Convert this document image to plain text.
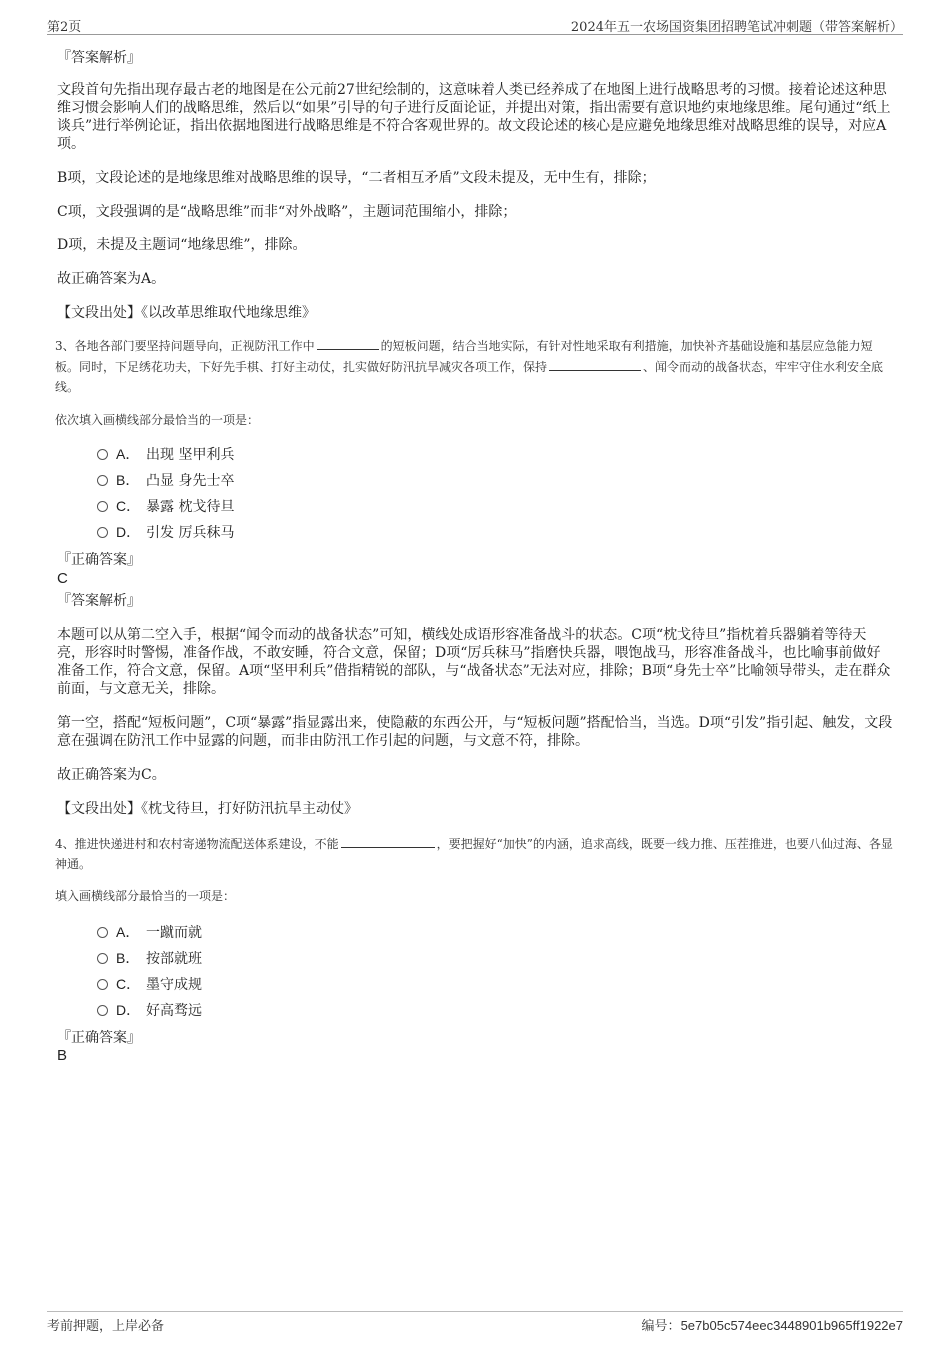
第2页	2024年五一农场国资集团招聘笔试冲刺题（带答案解析）
『答案解析』

文段首句先指出现存最古老的地图是在公元前27世纪绘制的，这意味着人类已经养成了在地图上进行战略思考的习惯。接着论述这种思维习惯会影响人们的战略思维，然后以“如果”引导的句子进行反面论证，并提出对策，指出需要有意识地约束地缘思维。尾句通过“纸上谈兵”进行举例论证，指出依据地图进行战略思维是不符合客观世界的。故文段论述的核心是应避免地缘思维对战略思维的误导，对应A项。

B项，文段论述的是地缘思维对战略思维的误导，“二者相互矛盾”文段未提及，无中生有，排除；

C项，文段强调的是“战略思维”而非“对外战略”，主题词范围缩小，排除；

D项，未提及主题词“地缘思维”，排除。

故正确答案为A。

【文段出处】《以改革思维取代地缘思维》

3、各地各部门要坚持问题导向，正视防汛工作中	的短板问题，结合当地实际，有针对性地采取有利措施，加快补齐基础设施和基层应急能力短板。同时，下足绣花功夫，下好先手棋、打好主动仗，扎实做好防汛抗旱减灾各项工作，保持	、闻令而动的战备状态，牢牢守住水利安全底线。

依次填入画横线部分最恰当的一项是：

A． 出现 坚甲利兵
B． 凸显 身先士卒
C． 暴露 枕戈待旦
D． 引发 厉兵秣马
『正确答案』
C
『答案解析』

本题可以从第二空入手，根据“闻令而动的战备状态”可知，横线处成语形容准备战斗的状态。C项“枕戈待旦”指枕着兵器躺着等待天亮，形容时时警惕，准备作战，不敢安睡，符合文意，保留；D项“厉兵秣马”指磨快兵器，喂饱战马，形容准备战斗，也比喻事前做好准备工作，符合文意，保留。A项“坚甲利兵”借指精锐的部队，与“战备状态”无法对应，排除；B项“身先士卒”比喻领导带头，走在群众前面，与文意无关，排除。

第一空，搭配“短板问题”，C项“暴露”指显露出来，使隐蔽的东西公开，与“短板问题”搭配恰当，当选。D项“引发”指引起、触发，文段意在强调在防汛工作中显露的问题，而非由防汛工作引起的问题，与文意不符，排除。

故正确答案为C。

【文段出处】《枕戈待旦，打好防汛抗旱主动仗》

4、推进快递进村和农村寄递物流配送体系建设，不能	，要把握好“加快”的内涵，追求高线，既要一线力推、压茬推进，也要八仙过海、各显神通。

填入画横线部分最恰当的一项是：

A． 一蹴而就
B． 按部就班
C． 墨守成规
D． 好高骛远
『正确答案』
B
考前押题，上岸必备	编号：5e7b05c574eec3448901b965ff1922e7
